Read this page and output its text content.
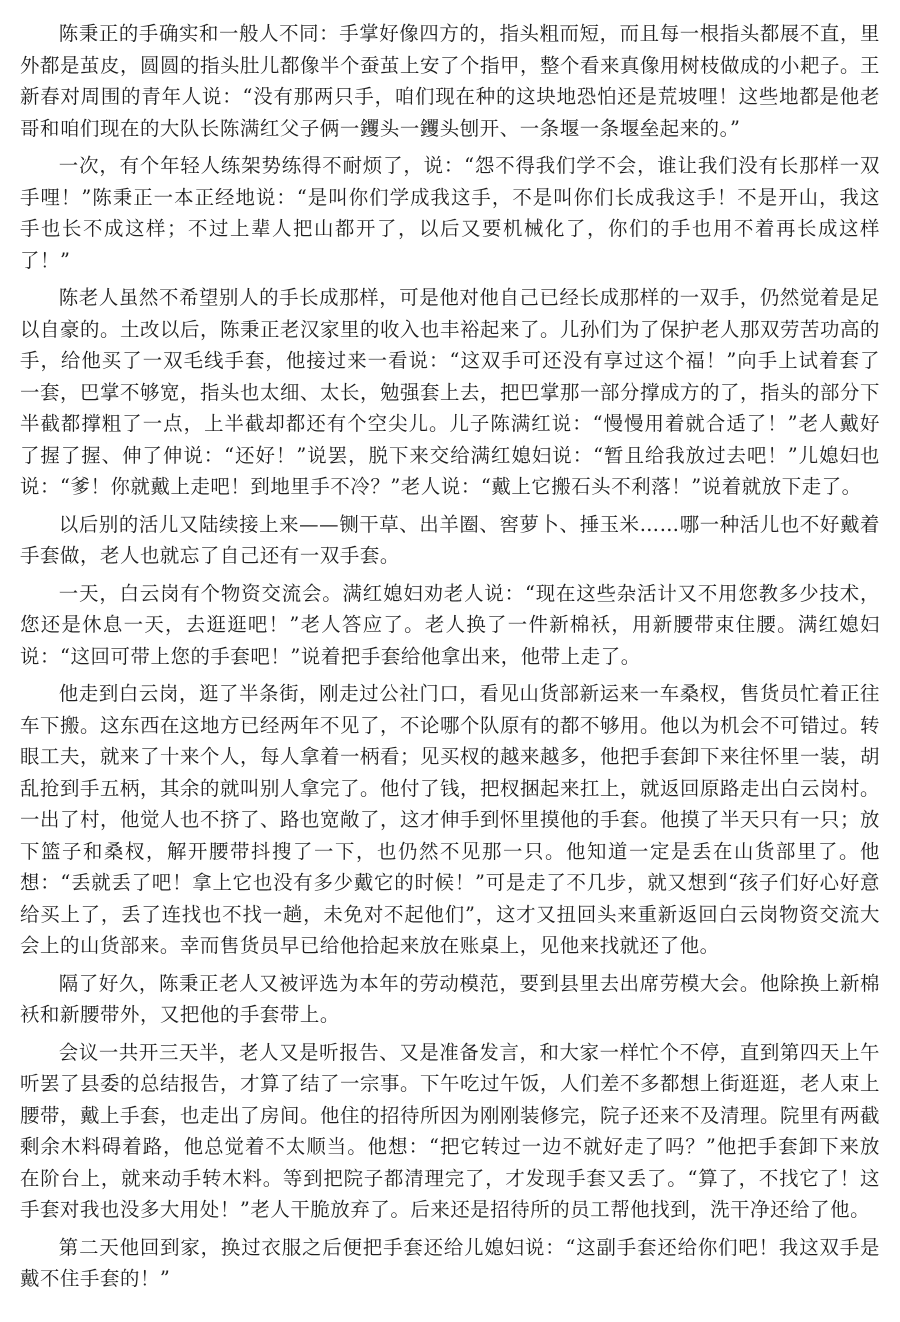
陈秉正的手确实和一般人不同：手掌好像四方的，指头粗而短，而且每一根指头都展不直，里外都是茧皮，圆圆的指头肚儿都像半个蚕茧上安了个指甲，整个看来真像用树枝做成的小耙子。王新春对周围的青年人说：“没有那两只手，咱们现在种的这块地恐怕还是荒坡哩！这些地都是他老哥和咱们现在的大队长陈满红父子俩一钁头一钁头刨开、一条堰一条堰垒起来的。”

一次，有个年轻人练架势练得不耐烦了，说：“怨不得我们学不会，谁让我们没有长那样一双手哩！”陈秉正一本正经地说：“是叫你们学成我这手，不是叫你们长成我这手！不是开山，我这手也长不成这样；不过上辈人把山都开了，以后又要机械化了，你们的手也用不着再长成这样了！”

陈老人虽然不希望别人的手长成那样，可是他对他自己已经长成那样的一双手，仍然觉着是足以自豪的。土改以后，陈秉正老汉家里的收入也丰裕起来了。儿孙们为了保护老人那双劳苦功高的手，给他买了一双毛线手套，他接过来一看说：“这双手可还没有享过这个福！”向手上试着套了一套，巴掌不够宽，指头也太细、太长，勉强套上去，把巴掌那一部分撑成方的了，指头的部分下半截都撑粗了一点，上半截却都还有个空尖儿。儿子陈满红说：“慢慢用着就合适了！”老人戴好了握了握、伸了伸说：“还好！”说罢，脱下来交给满红媳妇说：“暂且给我放过去吧！”儿媳妇也说：“爹！你就戴上走吧！到地里手不冷？”老人说：“戴上它搬石头不利落！”说着就放下走了。

以后别的活儿又陆续接上来——铡干草、出羊圈、窖萝卜、捶玉米……哪一种活儿也不好戴着手套做，老人也就忘了自己还有一双手套。

一天，白云岗有个物资交流会。满红媳妇劝老人说：“现在这些杂活计又不用您教多少技术，您还是休息一天，去逛逛吧！”老人答应了。老人换了一件新棉袄，用新腰带束住腰。满红媳妇说：“这回可带上您的手套吧！”说着把手套给他拿出来，他带上走了。

他走到白云岗，逛了半条街，刚走过公社门口，看见山货部新运来一车桑杈，售货员忙着正往车下搬。这东西在这地方已经两年不见了，不论哪个队原有的都不够用。他以为机会不可错过。转眼工夫，就来了十来个人，每人拿着一柄看；见买杈的越来越多，他把手套卸下来往怀里一装，胡乱抢到手五柄，其余的就叫别人拿完了。他付了钱，把杈捆起来扛上，就返回原路走出白云岗村。一出了村，他觉人也不挤了、路也宽敞了，这才伸手到怀里摸他的手套。他摸了半天只有一只；放下篮子和桑杈，解开腰带抖搜了一下，也仍然不见那一只。他知道一定是丢在山货部里了。他想：“丢就丢了吧！拿上它也没有多少戴它的时候！”可是走了不几步，就又想到“孩子们好心好意给买上了，丢了连找也不找一趟，未免对不起他们”，这才又扭回头来重新返回白云岗物资交流大会上的山货部来。幸而售货员早已给他拾起来放在账桌上，见他来找就还了他。

隔了好久，陈秉正老人又被评选为本年的劳动模范，要到县里去出席劳模大会。他除换上新棉袄和新腰带外，又把他的手套带上。

会议一共开三天半，老人又是听报告、又是准备发言，和大家一样忙个不停，直到第四天上午听罢了县委的总结报告，才算了结了一宗事。下午吃过午饭，人们差不多都想上街逛逛，老人束上腰带，戴上手套，也走出了房间。他住的招待所因为刚刚装修完，院子还来不及清理。院里有两截剩余木料碍着路，他总觉着不太顺当。他想：“把它转过一边不就好走了吗？”他把手套卸下来放在阶台上，就来动手转木料。等到把院子都清理完了，才发现手套又丢了。“算了，不找它了！这手套对我也没多大用处！”老人干脆放弃了。后来还是招待所的员工帮他找到，洗干净还给了他。

第二天他回到家，换过衣服之后便把手套还给儿媳妇说：“这副手套还给你们吧！我这双手是戴不住手套的！”
